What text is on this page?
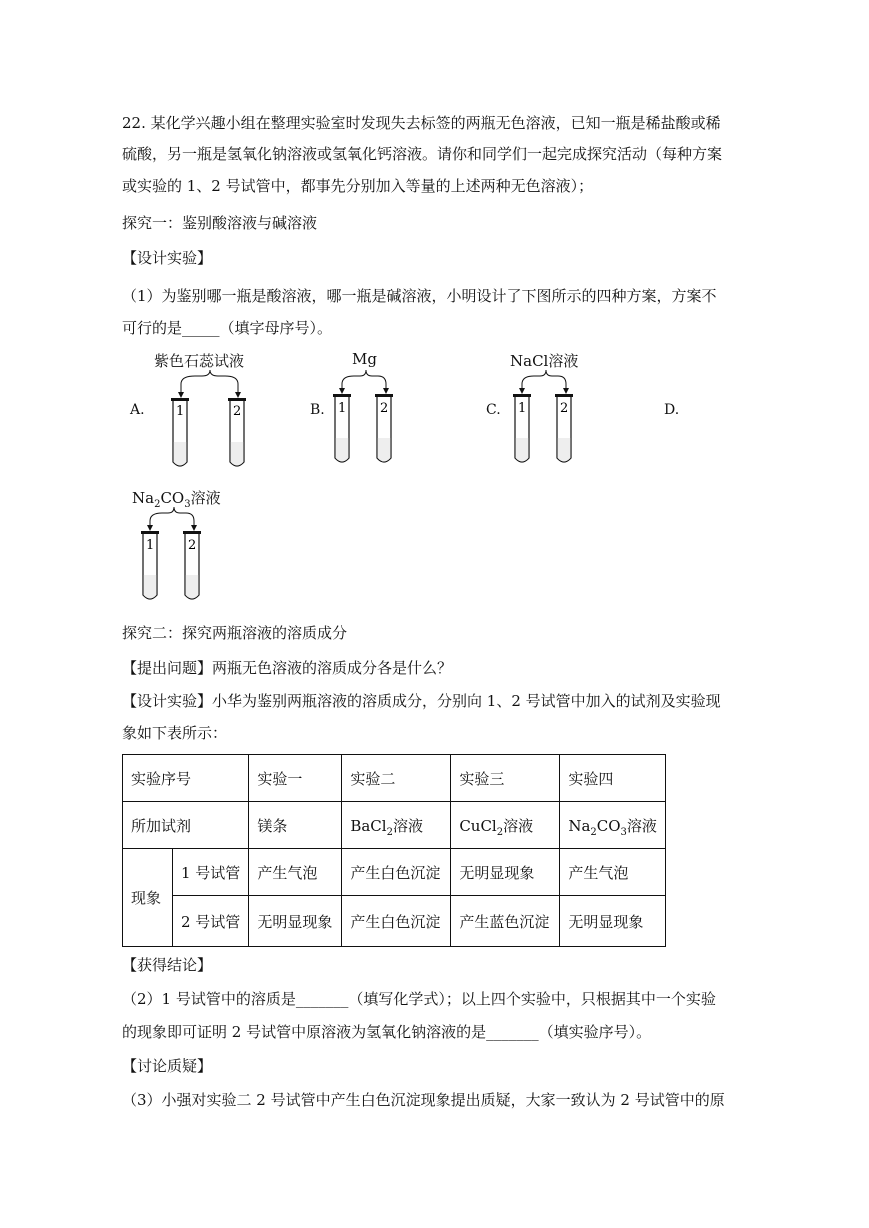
22. 某化学兴趣小组在整理实验室时发现失去标签的两瓶无色溶液，已知一瓶是稀盐酸或稀

硫酸，另一瓶是氢氧化钠溶液或氢氧化钙溶液。请你和同学们一起完成探究活动（每种方案

或实验的 1、2 号试管中，都事先分别加入等量的上述两种无色溶液）；

探究一：鉴别酸溶液与碱溶液

【设计实验】

（1）为鉴别哪一瓶是酸溶液，哪一瓶是碱溶液，小明设计了下图所示的四种方案，方案不

可行的是_____（填字母序号）。

A.
紫色石蕊试液
1	2	B.
Mg
1	2	C.
NaCl溶液
1	2	D.
$Na_2CO_3$溶液
1	2

探究二：探究两瓶溶液的溶质成分

【提出问题】两瓶无色溶液的溶质成分各是什么？

【设计实验】小华为鉴别两瓶溶液的溶质成分，分别向 1、2 号试管中加入的试剂及实验现

象如下表所示：

实验序号		实验一	实验二	实验三	实验四
所加试剂		镁条	BaCl$_2$溶液	CuCl$_2$溶液	$Na_2CO_3$溶液
现象	1 号试管	产生气泡	产生白色沉淀	无明显现象	产生气泡
	2 号试管	无明显现象	产生白色沉淀	产生蓝色沉淀	无明显现象

【获得结论】

（2）1 号试管中的溶质是_______（填写化学式）；以上四个实验中，只根据其中一个实验

的现象即可证明 2 号试管中原溶液为氢氧化钠溶液的是_______（填实验序号）。

【讨论质疑】

（3）小强对实验二 2 号试管中产生白色沉淀现象提出质疑，大家一致认为 2 号试管中的原
